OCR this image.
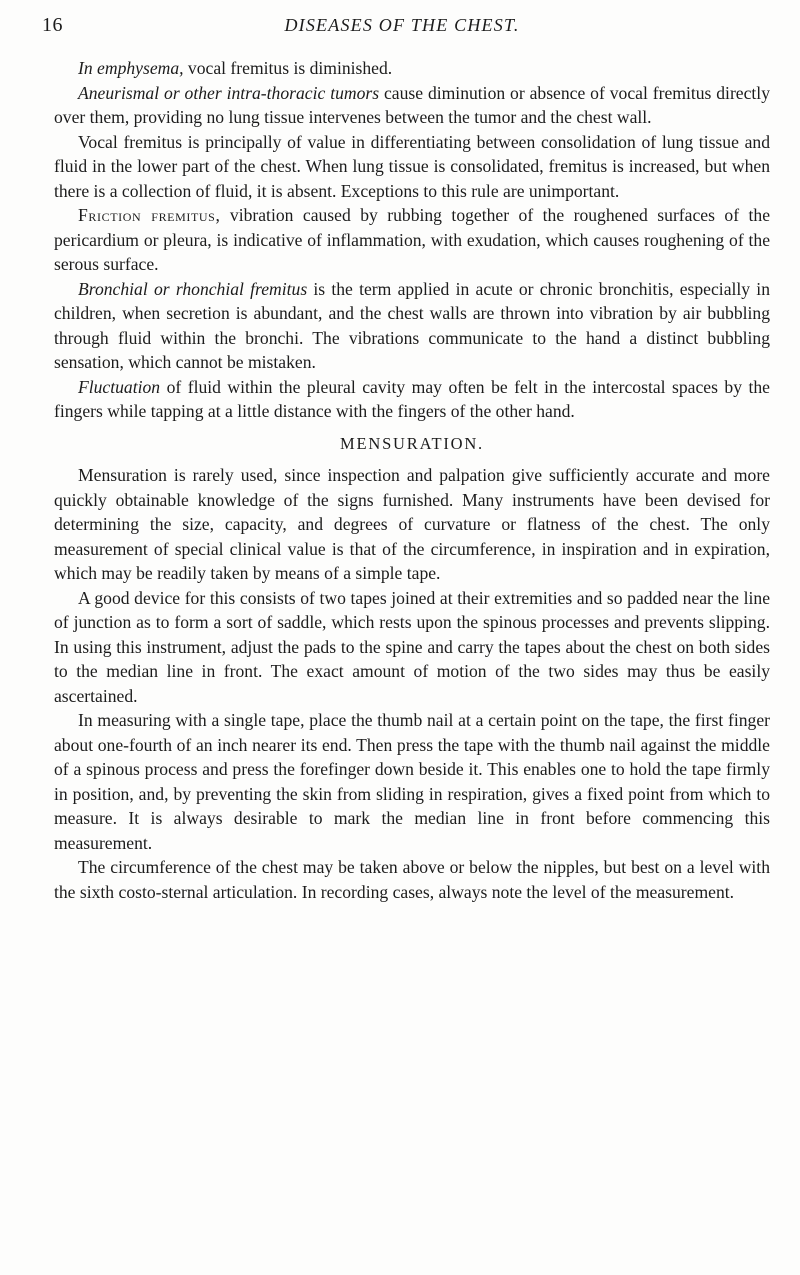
16	DISEASES OF THE CHEST.

In emphysema, vocal fremitus is diminished.

Aneurismal or other intra-thoracic tumors cause diminution or absence of vocal fremitus directly over them, providing no lung tissue intervenes between the tumor and the chest wall.

Vocal fremitus is principally of value in differentiating between consolidation of lung tissue and fluid in the lower part of the chest. When lung tissue is consolidated, fremitus is increased, but when there is a collection of fluid, it is absent. Exceptions to this rule are unimportant.

Friction fremitus, vibration caused by rubbing together of the roughened surfaces of the pericardium or pleura, is indicative of inflammation, with exudation, which causes roughening of the serous surface.

Bronchial or rhonchial fremitus is the term applied in acute or chronic bronchitis, especially in children, when secretion is abundant, and the chest walls are thrown into vibration by air bubbling through fluid within the bronchi. The vibrations communicate to the hand a distinct bubbling sensation, which cannot be mistaken.

Fluctuation of fluid within the pleural cavity may often be felt in the intercostal spaces by the fingers while tapping at a little distance with the fingers of the other hand.

MENSURATION.

Mensuration is rarely used, since inspection and palpation give sufficiently accurate and more quickly obtainable knowledge of the signs furnished. Many instruments have been devised for determining the size, capacity, and degrees of curvature or flatness of the chest. The only measurement of special clinical value is that of the circumference, in inspiration and in expiration, which may be readily taken by means of a simple tape.

A good device for this consists of two tapes joined at their extremities and so padded near the line of junction as to form a sort of saddle, which rests upon the spinous processes and prevents slipping. In using this instrument, adjust the pads to the spine and carry the tapes about the chest on both sides to the median line in front. The exact amount of motion of the two sides may thus be easily ascertained.

In measuring with a single tape, place the thumb nail at a certain point on the tape, the first finger about one-fourth of an inch nearer its end. Then press the tape with the thumb nail against the middle of a spinous process and press the forefinger down beside it. This enables one to hold the tape firmly in position, and, by preventing the skin from sliding in respiration, gives a fixed point from which to measure. It is always desirable to mark the median line in front before commencing this measurement.

The circumference of the chest may be taken above or below the nipples, but best on a level with the sixth costo-sternal articulation. In recording cases, always note the level of the measurement.
